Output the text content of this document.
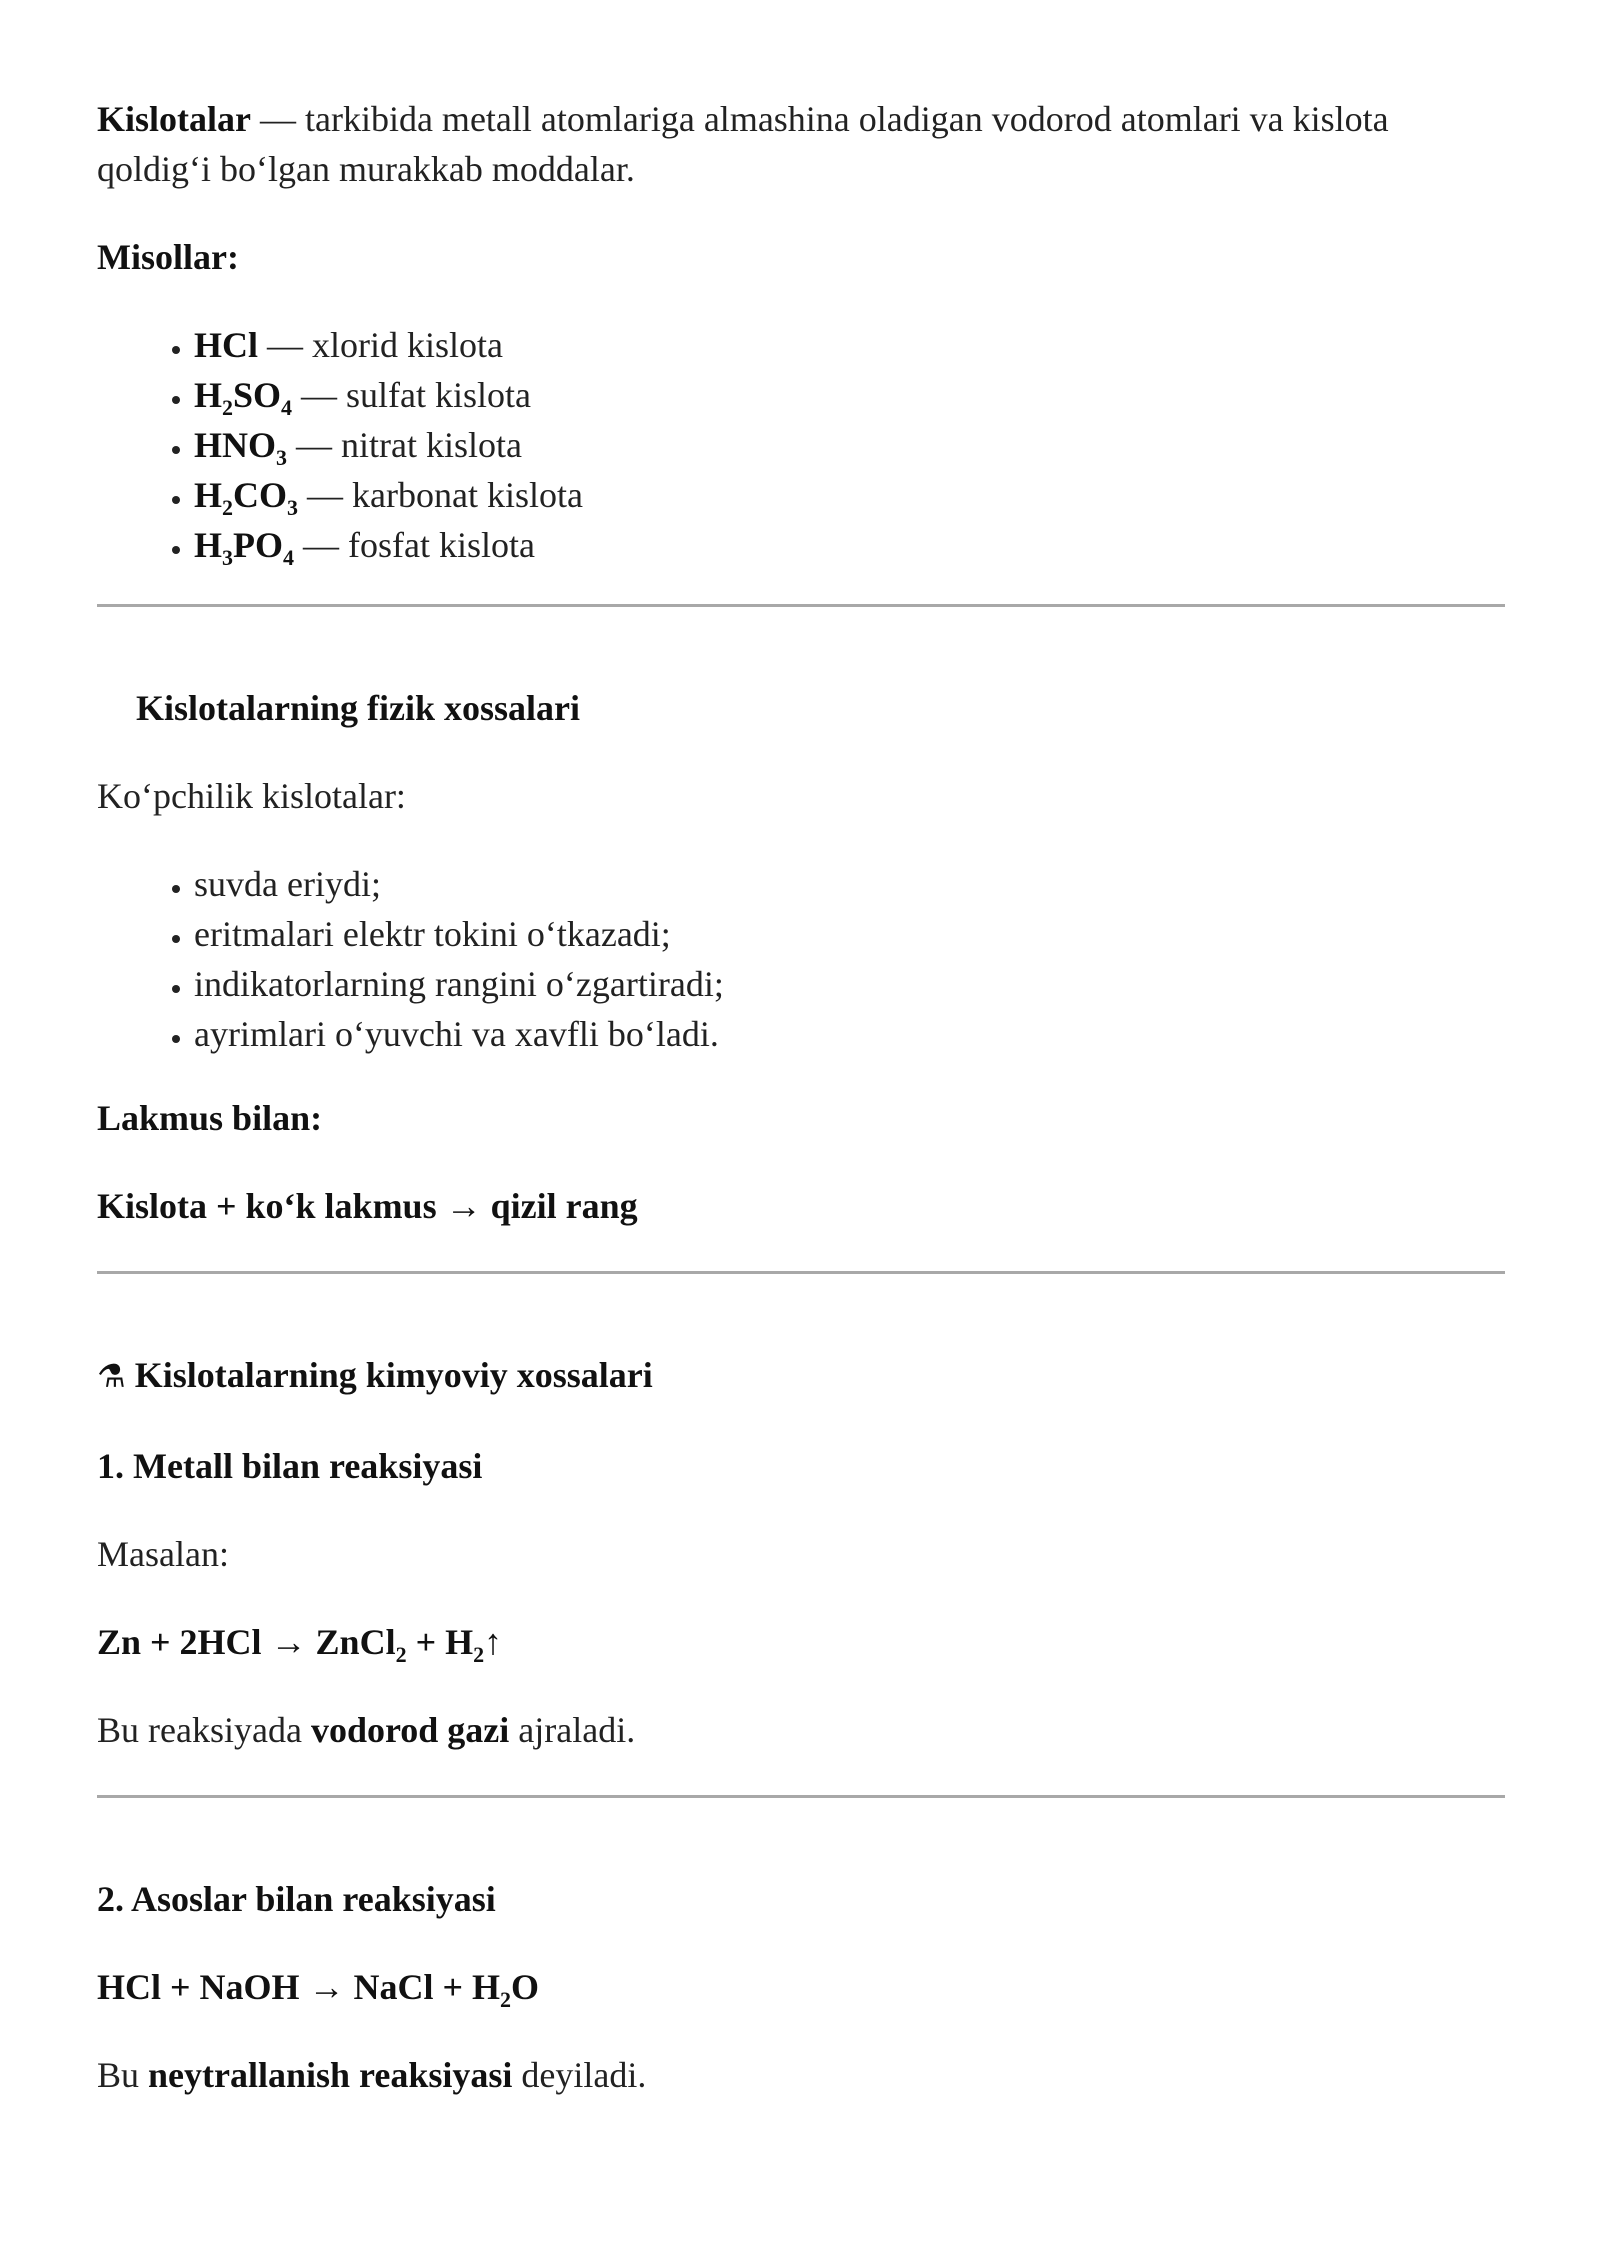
Kislotalar — tarkibida metall atomlariga almashina oladigan vodorod atomlari va kislota qoldig‘i bo‘lgan murakkab moddalar.

Misollar:

• HCl — xlorid kislota
• $H_2SO_4$ — sulfat kislota
• $HNO_3$ — nitrat kislota
• $H_2CO_3$ — karbonat kislota
• $H_3PO_4$ — fosfat kislota

Kislotalarning fizik xossalari

Ko‘pchilik kislotalar:

• suvda eriydi;
• eritmalari elektr tokini o‘tkazadi;
• indikatorlarning rangini o‘zgartiradi;
• ayrimlari o‘yuvchi va xavfli bo‘ladi.

Lakmus bilan:

Kislota + ko‘k lakmus → qizil rang

⚗ Kislotalarning kimyoviy xossalari

1. Metall bilan reaksiyasi

Masalan:

Zn + 2HCl → ZnCl$_2$ + $H_2↑$

Bu reaksiyada vodorod gazi ajraladi.

2. Asoslar bilan reaksiyasi

HCl + NaOH → NaCl + $H_2O$

Bu neytrallanish reaksiyasi deyiladi.
